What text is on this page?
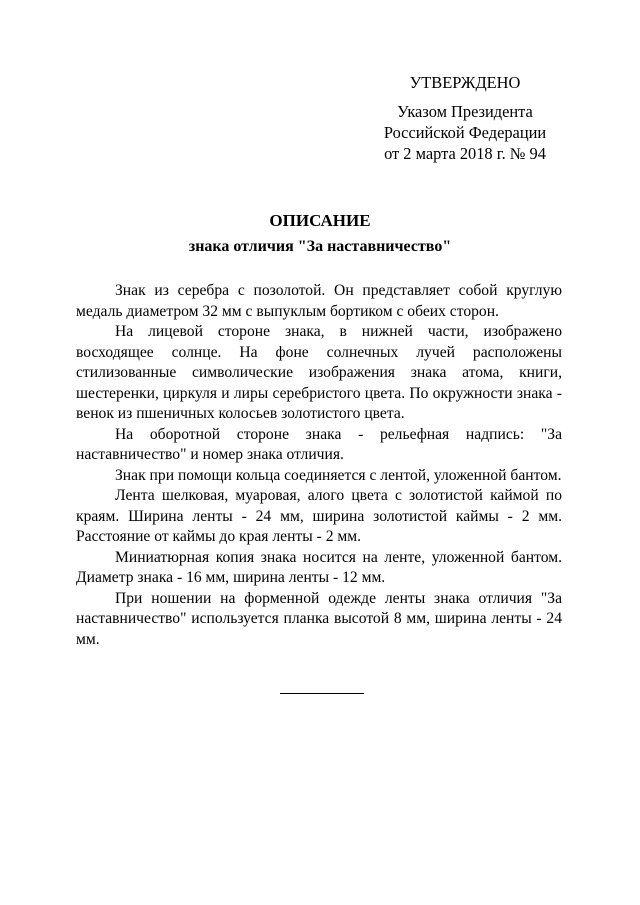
УТВЕРЖДЕНО
Указом Президента
Российской Федерации
от 2 марта 2018 г. № 94
ОПИСАНИЕ
знака отличия "За наставничество"

Знак из серебра с позолотой. Он представляет собой круглую медаль диаметром 32 мм с выпуклым бортиком с обеих сторон.

На лицевой стороне знака, в нижней части, изображено восходящее солнце. На фоне солнечных лучей расположены стилизованные символические изображения знака атома, книги, шестеренки, циркуля и лиры серебристого цвета. По окружности знака - венок из пшеничных колосьев золотистого цвета.

На оборотной стороне знака - рельефная надпись: "За наставничество" и номер знака отличия.

Знак при помощи кольца соединяется с лентой, уложенной бантом.

Лента шелковая, муаровая, алого цвета с золотистой каймой по краям. Ширина ленты - 24 мм, ширина золотистой каймы - 2 мм. Расстояние от каймы до края ленты - 2 мм.

Миниатюрная копия знака носится на ленте, уложенной бантом. Диаметр знака - 16 мм, ширина ленты - 12 мм.

При ношении на форменной одежде ленты знака отличия "За наставничество" используется планка высотой 8 мм, ширина ленты - 24 мм.
